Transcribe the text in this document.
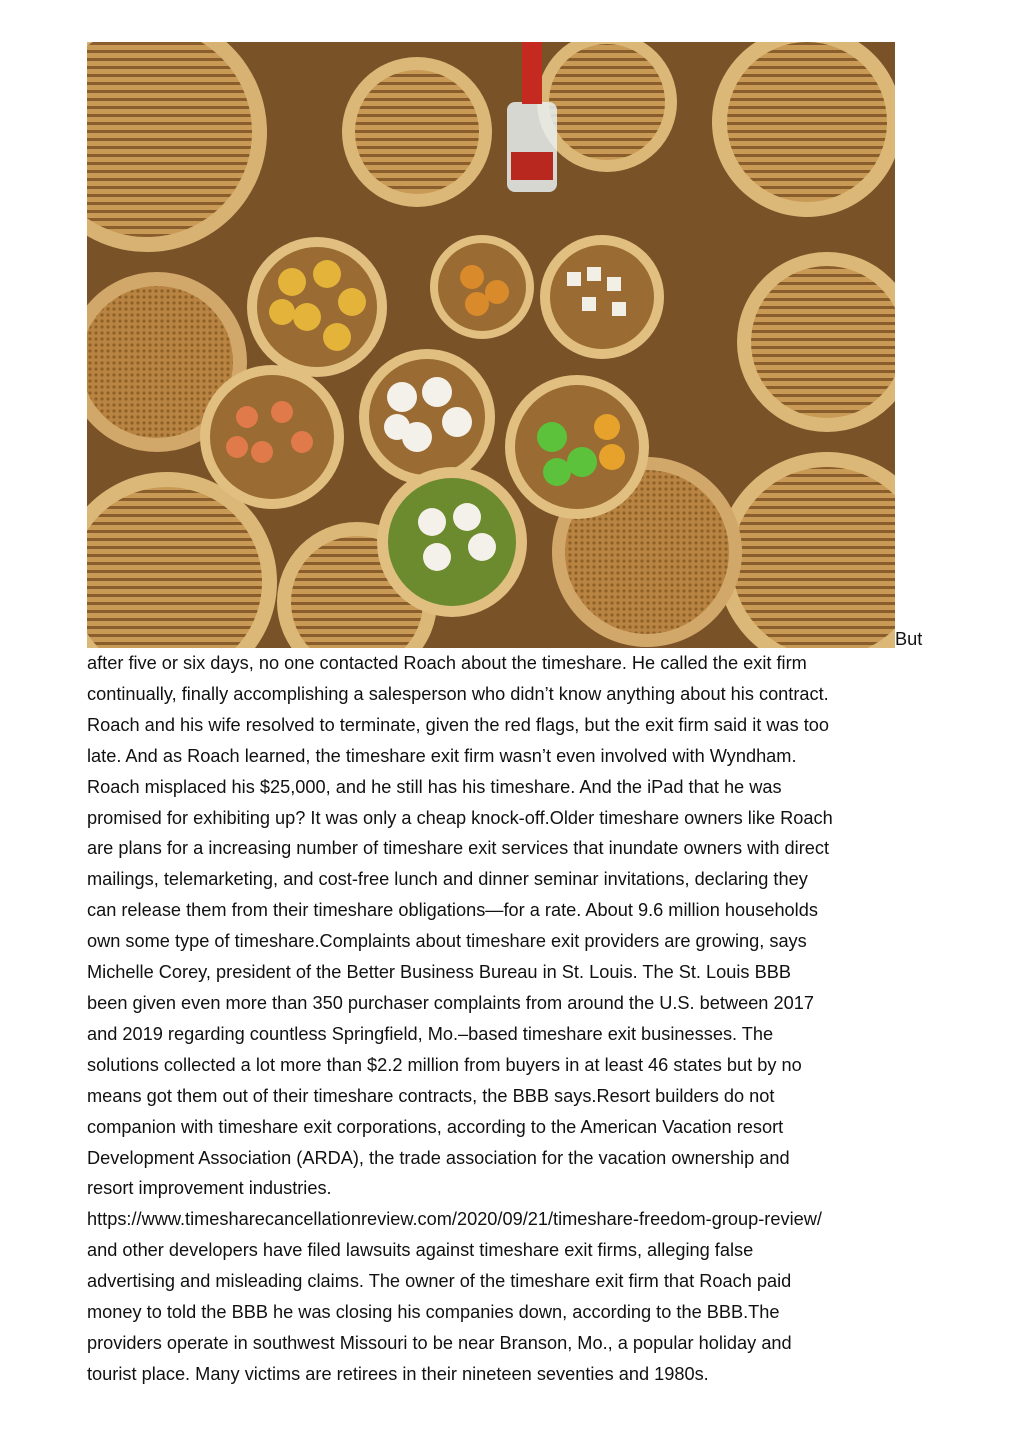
But
after five or six days, no one contacted Roach about the timeshare. He called the exit firm
continually, finally accomplishing a salesperson who didn’t know anything about his contract.
Roach and his wife resolved to terminate, given the red flags, but the exit firm said it was too
late. And as Roach learned, the timeshare exit firm wasn’t even involved with Wyndham.
Roach misplaced his $25,000, and he still has his timeshare. And the iPad that he was
promised for exhibiting up? It was only a cheap knock-off.Older timeshare owners like Roach
are plans for a increasing number of timeshare exit services that inundate owners with direct
mailings, telemarketing, and cost-free lunch and dinner seminar invitations, declaring they
can release them from their timeshare obligations—for a rate. About 9.6 million households
own some type of timeshare.Complaints about timeshare exit providers are growing, says
Michelle Corey, president of the Better Business Bureau in St. Louis. The St. Louis BBB
been given even more than 350 purchaser complaints from around the U.S. between 2017
and 2019 regarding countless Springfield, Mo.–based timeshare exit businesses. The
solutions collected a lot more than $2.2 million from buyers in at least 46 states but by no
means got them out of their timeshare contracts, the BBB says.Resort builders do not
companion with timeshare exit corporations, according to the American Vacation resort
Development Association (ARDA), the trade association for the vacation ownership and
resort improvement industries.
https://www.timesharecancellationreview.com/2020/09/21/timeshare-freedom-group-review/
and other developers have filed lawsuits against timeshare exit firms, alleging false
advertising and misleading claims. The owner of the timeshare exit firm that Roach paid
money to told the BBB he was closing his companies down, according to the BBB.The
providers operate in southwest Missouri to be near Branson, Mo., a popular holiday and
tourist place. Many victims are retirees in their nineteen seventies and 1980s.
